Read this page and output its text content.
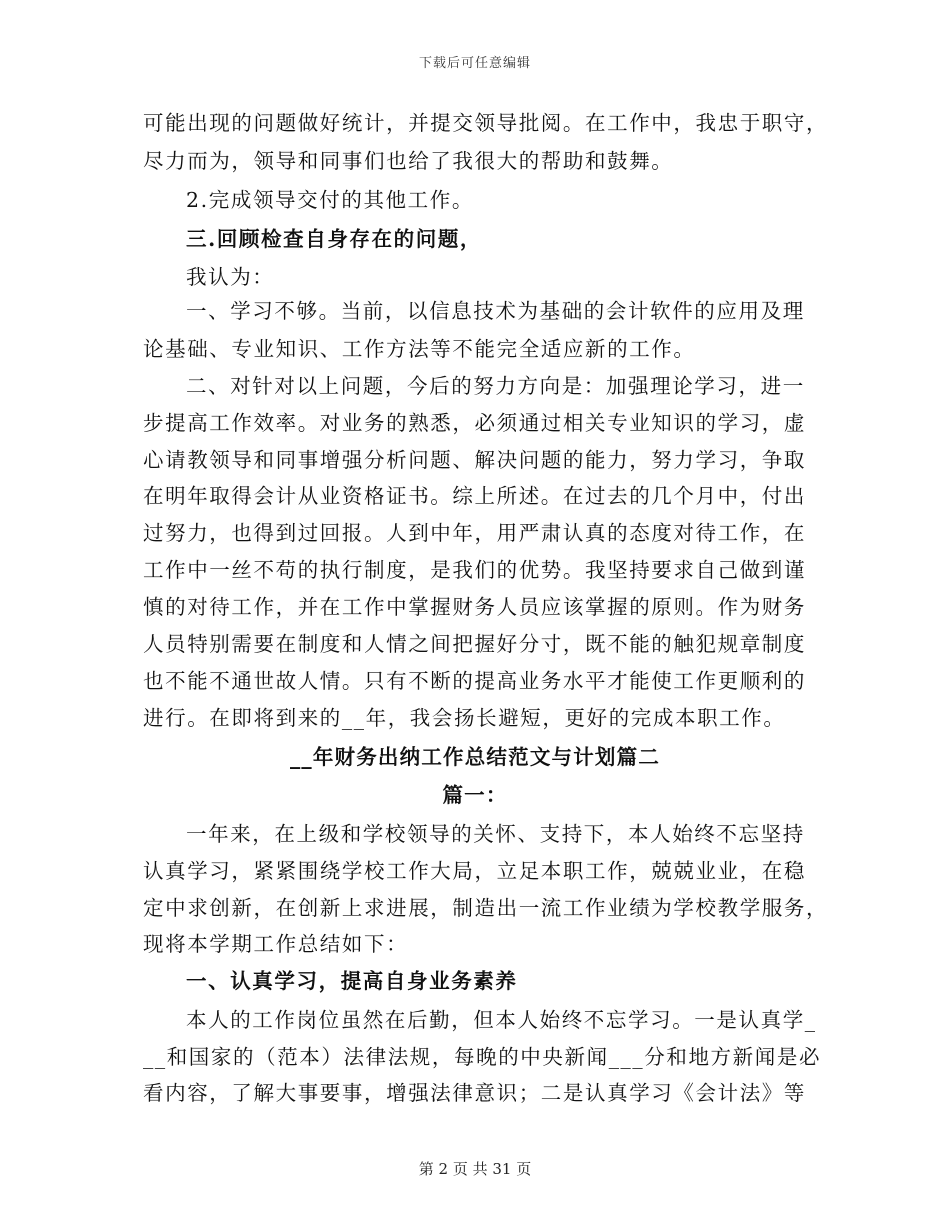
下载后可任意编辑
可能出现的问题做好统计，并提交领导批阅。在工作中，我忠于职守，
尽力而为，领导和同事们也给了我很大的帮助和鼓舞。
2.完成领导交付的其他工作。
三.回顾检查自身存在的问题，
我认为：
一、学习不够。当前，以信息技术为基础的会计软件的应用及理
论基础、专业知识、工作方法等不能完全适应新的工作。
二、对针对以上问题，今后的努力方向是：加强理论学习，进一
步提高工作效率。对业务的熟悉，必须通过相关专业知识的学习，虚
心请教领导和同事增强分析问题、解决问题的能力，努力学习，争取
在明年取得会计从业资格证书。综上所述。在过去的几个月中，付出
过努力，也得到过回报。人到中年，用严肃认真的态度对待工作，在
工作中一丝不苟的执行制度，是我们的优势。我坚持要求自己做到谨
慎的对待工作，并在工作中掌握财务人员应该掌握的原则。作为财务
人员特别需要在制度和人情之间把握好分寸，既不能的触犯规章制度
也不能不通世故人情。只有不断的提高业务水平才能使工作更顺利的
进行。在即将到来的__年，我会扬长避短，更好的完成本职工作。
__年财务出纳工作总结范文与计划篇二
篇一：
一年来，在上级和学校领导的关怀、支持下，本人始终不忘坚持
认真学习，紧紧围绕学校工作大局，立足本职工作，兢兢业业，在稳
定中求创新，在创新上求进展，制造出一流工作业绩为学校教学服务，
现将本学期工作总结如下：
一、认真学习，提高自身业务素养
本人的工作岗位虽然在后勤，但本人始终不忘学习。一是认真学_
__和国家的（范本）法律法规，每晚的中央新闻___分和地方新闻是必
看内容，了解大事要事，增强法律意识；二是认真学习《会计法》等
第 2 页 共 31 页
